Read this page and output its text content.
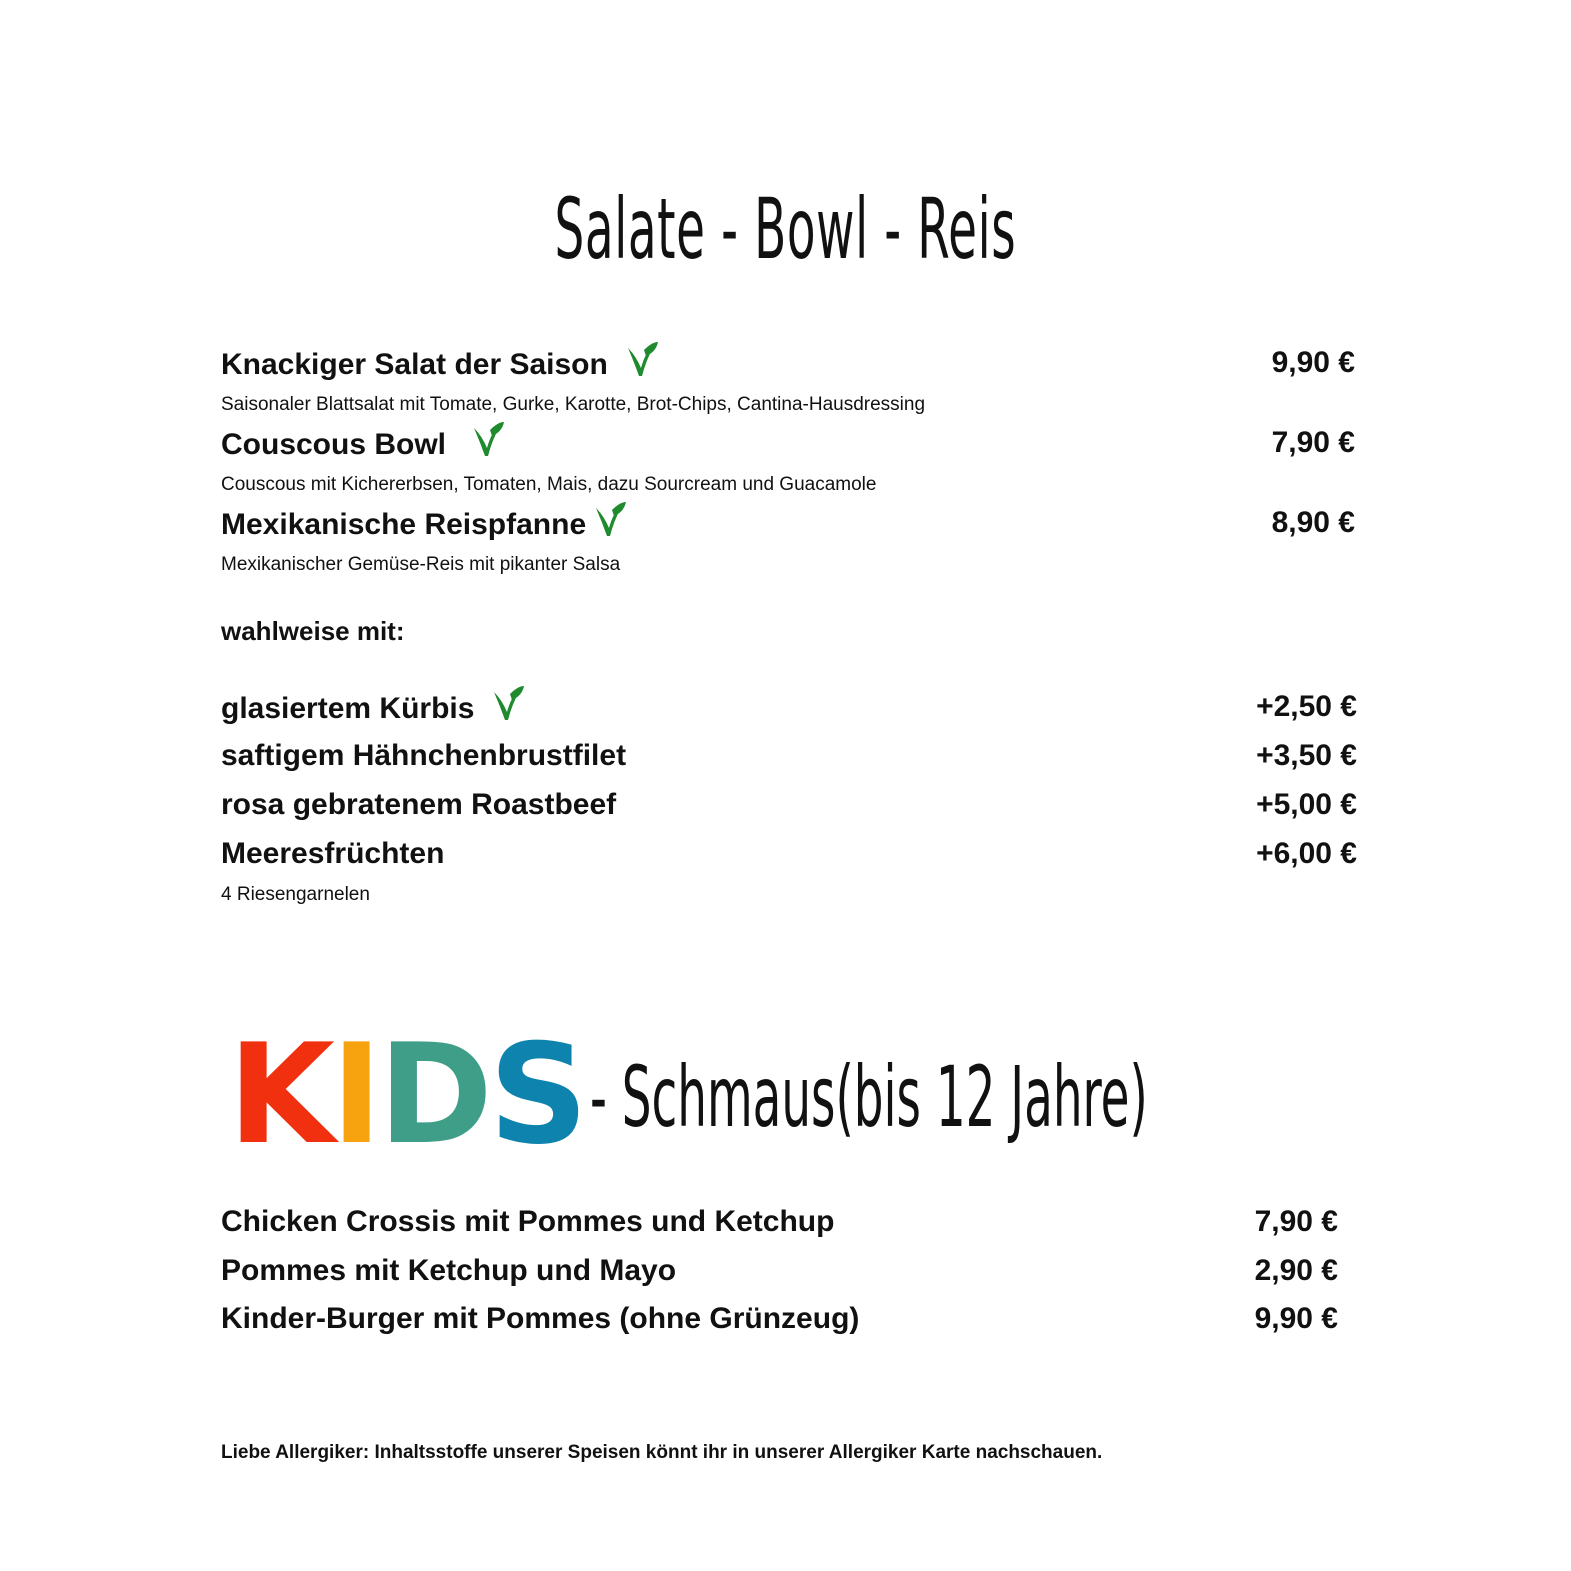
Salate - Bowl - Reis
Knackiger Salat der Saison	9,90 €
Saisonaler Blattsalat mit Tomate, Gurke, Karotte, Brot-Chips, Cantina-Hausdressing
Couscous Bowl	7,90 €
Couscous mit Kichererbsen, Tomaten, Mais, dazu Sourcream und Guacamole
Mexikanische Reispfanne	8,90 €
Mexikanischer Gemüse-Reis mit pikanter Salsa
wahlweise mit:
glasiertem Kürbis	+2,50 €
saftigem Hähnchenbrustfilet	+3,50 €
rosa gebratenem Roastbeef	+5,00 €
Meeresfrüchten	+6,00 €
4 Riesengarnelen
KIDS - Schmaus(bis 12 Jahre)
Chicken Crossis mit Pommes und Ketchup	7,90 €
Pommes mit Ketchup und Mayo	2,90 €
Kinder-Burger mit Pommes (ohne Grünzeug)	9,90 €
Liebe Allergiker: Inhaltsstoffe unserer Speisen könnt ihr in unserer Allergiker Karte nachschauen.
